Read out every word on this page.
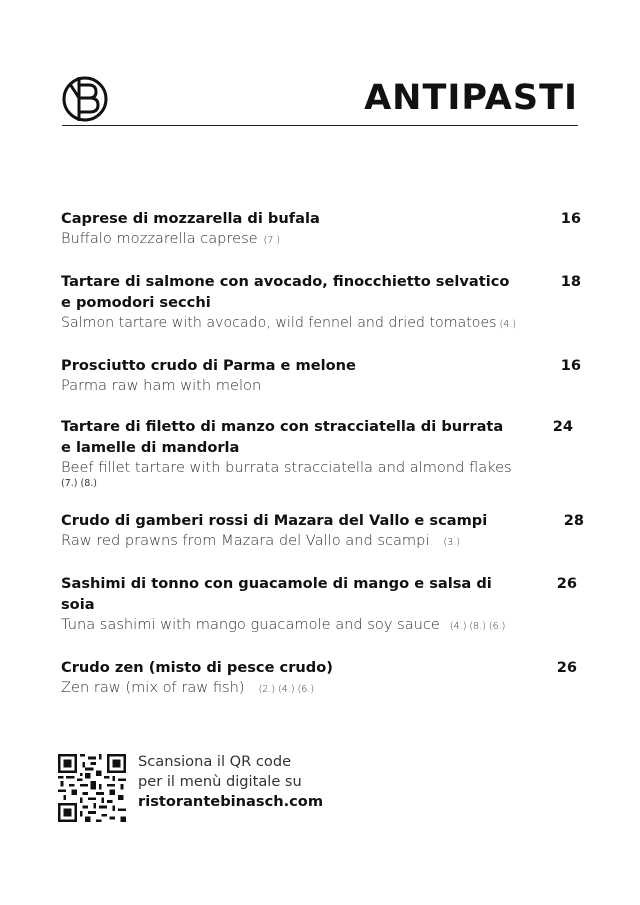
ANTIPASTI
Caprese di mozzarella di bufala	16
Buffalo mozzarella caprese (7.)
Tartare di salmone con avocado, finocchietto selvatico e pomodori secchi
18
Salmon tartare with avocado, wild fennel and dried tomatoes (4.)
Prosciutto crudo di Parma e melone	16
Parma raw ham with melon
Tartare di filetto di manzo con stracciatella di burrata e lamelle di mandorla
24
Beef fillet tartare with burrata stracciatella and almond flakes
(7.) (8.)
Crudo di gamberi rossi di Mazara del Vallo e scampi	28
Raw red prawns from Mazara del Vallo and scampi (3.)
Sashimi di tonno con guacamole di mango e salsa di soia
26
Tuna sashimi with mango guacamole and soy sauce (4.) (8.) (6.)
Crudo zen (misto di pesce crudo)	26
Zen raw (mix of raw fish) (2.) (4.) (6.)
Scansiona il QR code
per il menù digitale su
ristorantebinasch.com
